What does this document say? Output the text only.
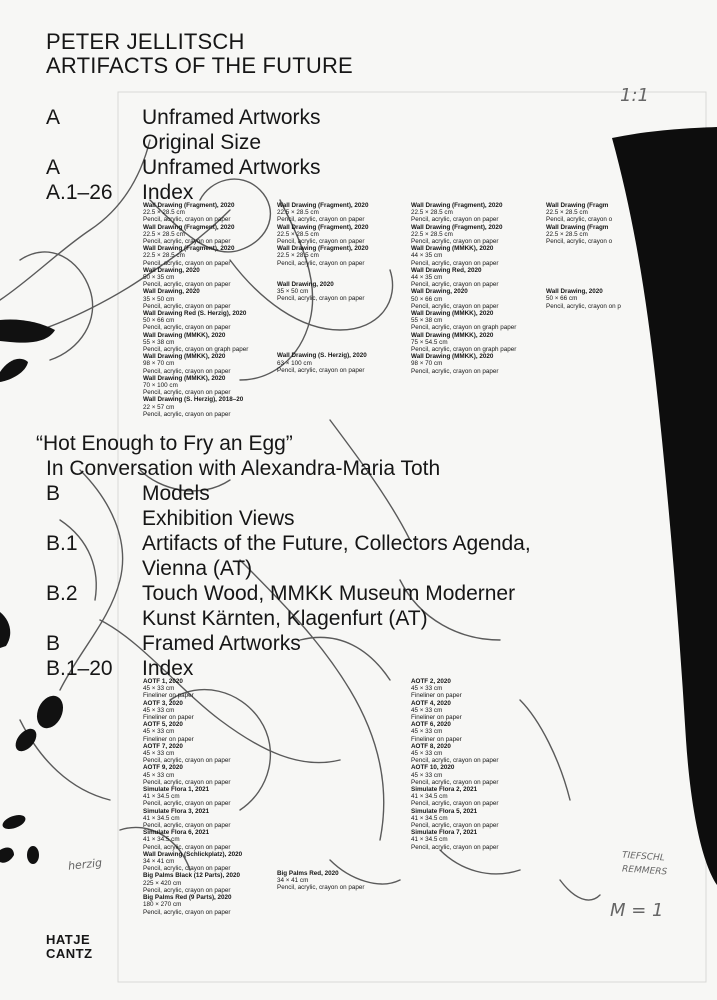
1:1
TIEFSCHL
REMMERS
M = 1
herzig
PETER JELLITSCH
ARTIFACTS OF THE FUTURE
A	Unframed Artworks
Original Size
A	Unframed Artworks
A.1–26 Index
Wall Drawing (Fragment), 2020
22.5 × 28.5 cm
Pencil, acrylic, crayon on paper
Wall Drawing (Fragment), 2020
22.5 × 28.5 cm
Pencil, acrylic, crayon on paper
Wall Drawing (Fragment), 2020
22.5 × 28.5 cm
Pencil, acrylic, crayon on paper
Wall Drawing, 2020
50 × 35 cm
Pencil, acrylic, crayon on paper
Wall Drawing, 2020
35 × 50 cm
Pencil, acrylic, crayon on paper
Wall Drawing Red (S. Herzig), 2020
50 × 66 cm
Pencil, acrylic, crayon on paper
Wall Drawing (MMKK), 2020
55 × 38 cm
Pencil, acrylic, crayon on graph paper
Wall Drawing (MMKK), 2020
98 × 70 cm
Pencil, acrylic, crayon on paper
Wall Drawing (MMKK), 2020
70 × 100 cm
Pencil, acrylic, crayon on paper
Wall Drawing (S. Herzig), 2018–20
22 × 57 cm
Pencil, acrylic, crayon on paper
Wall Drawing (Fragment), 2020
22.5 × 28.5 cm
Pencil, acrylic, crayon on paper
Wall Drawing (Fragment), 2020
22.5 × 28.5 cm
Pencil, acrylic, crayon on paper
Wall Drawing (Fragment), 2020
22.5 × 28.5 cm
Pencil, acrylic, crayon on paper
Wall Drawing, 2020
35 × 50 cm
Pencil, acrylic, crayon on paper
Wall Drawing (S. Herzig), 2020
63 × 100 cm
Pencil, acrylic, crayon on paper
Wall Drawing (Fragment), 2020
22.5 × 28.5 cm
Pencil, acrylic, crayon on paper
Wall Drawing (Fragment), 2020
22.5 × 28.5 cm
Pencil, acrylic, crayon on paper
Wall Drawing (MMKK), 2020
44 × 35 cm
Pencil, acrylic, crayon on paper
Wall Drawing Red, 2020
44 × 35 cm
Pencil, acrylic, crayon on paper
Wall Drawing, 2020
50 × 66 cm
Pencil, acrylic, crayon on paper
Wall Drawing (MMKK), 2020
55 × 38 cm
Pencil, acrylic, crayon on graph paper
Wall Drawing (MMKK), 2020
75 × 54.5 cm
Pencil, acrylic, crayon on graph paper
Wall Drawing (MMKK), 2020
98 × 70 cm
Pencil, acrylic, crayon on paper
Wall Drawing (Fragm
22.5 × 28.5 cm
Pencil, acrylic, crayon o
Wall Drawing (Fragm
22.5 × 28.5 cm
Pencil, acrylic, crayon o
Wall Drawing, 2020
50 × 66 cm
Pencil, acrylic, crayon on p
“Hot Enough to Fry an Egg”
In Conversation with Alexandra-Maria Toth
B	Models
Exhibition Views
B.1	Artifacts of the Future, Collectors Agenda,
Vienna (AT)
B.2	Touch Wood, MMKK Museum Moderner
Kunst Kärnten, Klagenfurt (AT)
B	Framed Artworks
B.1–20 Index
AOTF 1, 2020
45 × 33 cm
Fineliner on paper
AOTF 3, 2020
45 × 33 cm
Fineliner on paper
AOTF 5, 2020
45 × 33 cm
Fineliner on paper
AOTF 7, 2020
45 × 33 cm
Pencil, acrylic, crayon on paper
AOTF 9, 2020
45 × 33 cm
Pencil, acrylic, crayon on paper
Simulate Flora 1, 2021
41 × 34.5 cm
Pencil, acrylic, crayon on paper
Simulate Flora 3, 2021
41 × 34.5 cm
Pencil, acrylic, crayon on paper
Simulate Flora 6, 2021
41 × 34.5 cm
Pencil, acrylic, crayon on paper
Wall Drawing (Schlickplatz), 2020
34 × 41 cm
Pencil, acrylic, crayon on paper
Big Palms Black (12 Parts), 2020
225 × 420 cm
Pencil, acrylic, crayon on paper
Big Palms Red (9 Parts), 2020
180 × 270 cm
Pencil, acrylic, crayon on paper
Big Palms Red, 2020
34 × 41 cm
Pencil, acrylic, crayon on paper
AOTF 2, 2020
45 × 33 cm
Fineliner on paper
AOTF 4, 2020
45 × 33 cm
Fineliner on paper
AOTF 6, 2020
45 × 33 cm
Fineliner on paper
AOTF 8, 2020
45 × 33 cm
Pencil, acrylic, crayon on paper
AOTF 10, 2020
45 × 33 cm
Pencil, acrylic, crayon on paper
Simulate Flora 2, 2021
41 × 34.5 cm
Pencil, acrylic, crayon on paper
Simulate Flora 5, 2021
41 × 34.5 cm
Pencil, acrylic, crayon on paper
Simulate Flora 7, 2021
41 × 34.5 cm
Pencil, acrylic, crayon on paper
HATJE
CANTZ
